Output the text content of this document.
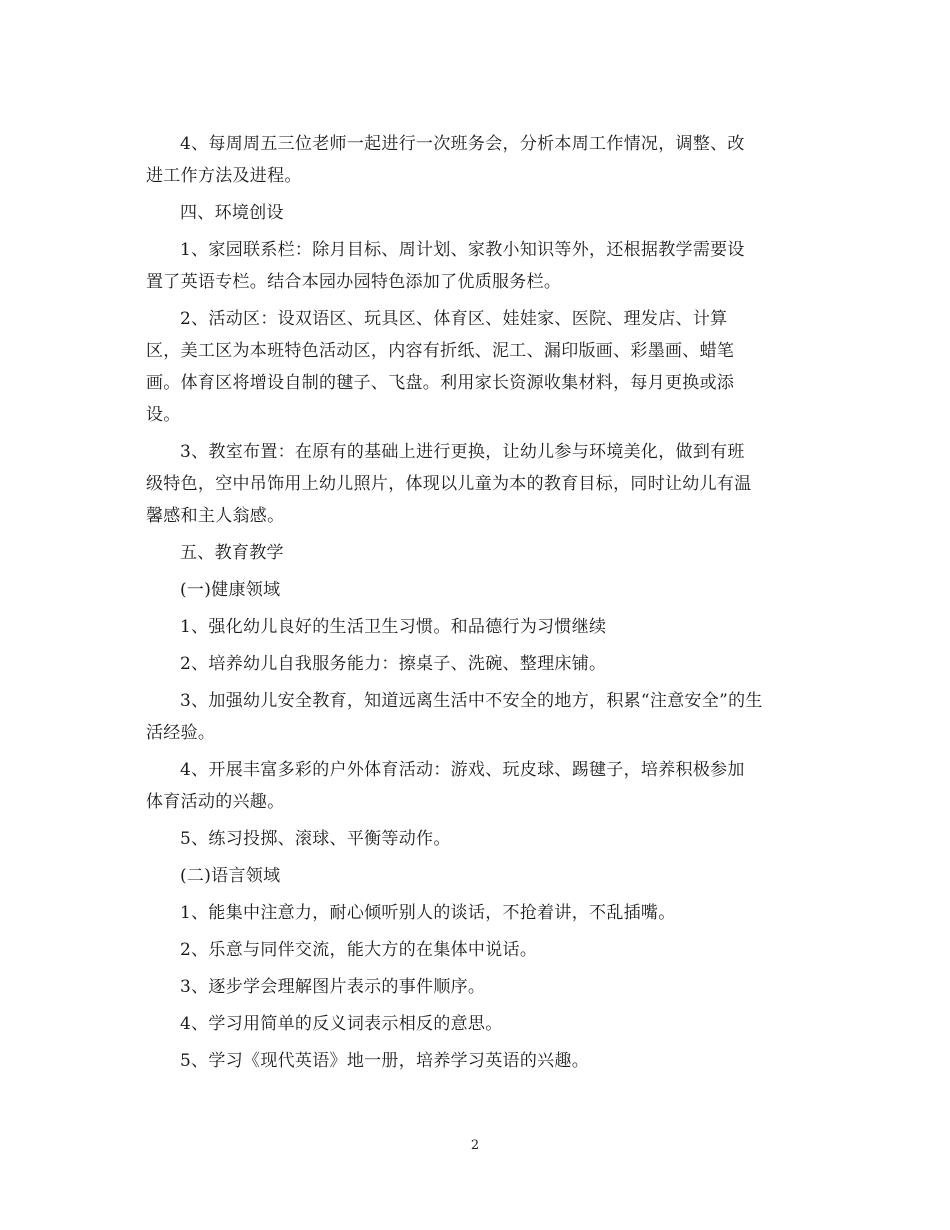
4、每周周五三位老师一起进行一次班务会，分析本周工作情况，调整、改

进工作方法及进程。

四、环境创设

1、家园联系栏：除月目标、周计划、家教小知识等外，还根据教学需要设

置了英语专栏。结合本园办园特色添加了优质服务栏。

2、活动区：设双语区、玩具区、体育区、娃娃家、医院、理发店、计算

区，美工区为本班特色活动区，内容有折纸、泥工、漏印版画、彩墨画、蜡笔

画。体育区将增设自制的毽子、飞盘。利用家长资源收集材料，每月更换或添

设。

3、教室布置：在原有的基础上进行更换，让幼儿参与环境美化，做到有班

级特色，空中吊饰用上幼儿照片，体现以儿童为本的教育目标，同时让幼儿有温

馨感和主人翁感。

五、教育教学

(一)健康领域

1、强化幼儿良好的生活卫生习惯。和品德行为习惯继续

2、培养幼儿自我服务能力：擦桌子、洗碗、整理床铺。

3、加强幼儿安全教育，知道远离生活中不安全的地方，积累“注意安全”的生

活经验。

4、开展丰富多彩的户外体育活动：游戏、玩皮球、踢毽子，培养积极参加

体育活动的兴趣。

5、练习投掷、滚球、平衡等动作。

(二)语言领域

1、能集中注意力，耐心倾听别人的谈话，不抢着讲，不乱插嘴。

2、乐意与同伴交流，能大方的在集体中说话。

3、逐步学会理解图片表示的事件顺序。

4、学习用简单的反义词表示相反的意思。

5、学习《现代英语》地一册，培养学习英语的兴趣。

2
